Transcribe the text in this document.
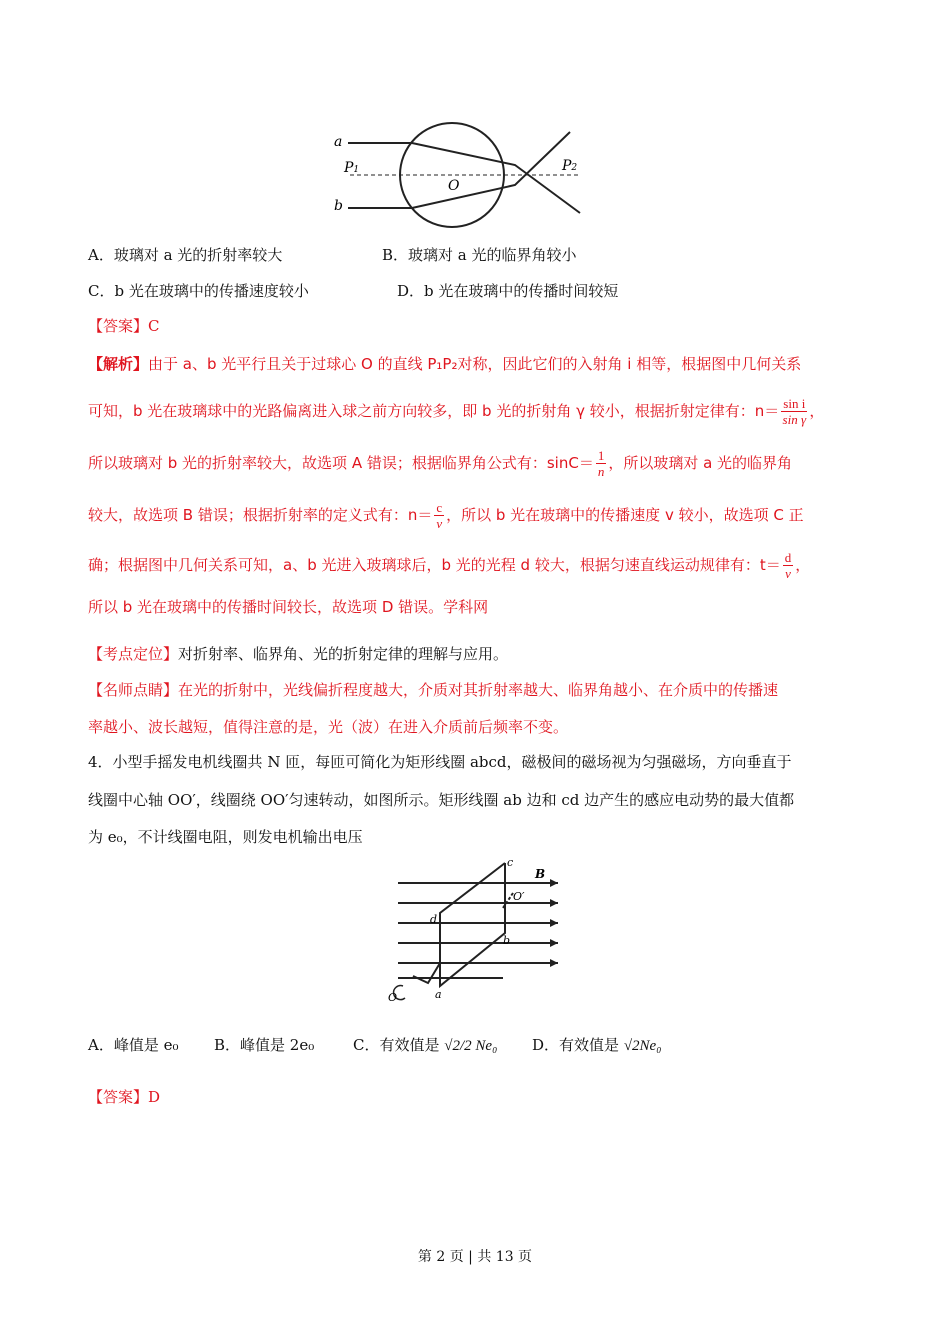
a
b
P1	P2
O
A．玻璃对 a 光的折射率较大	B．玻璃对 a 光的临界角较小
C．b 光在玻璃中的传播速度较小	D．b 光在玻璃中的传播时间较短
【答案】C
【解析】由于 a、b 光平行且关于过球心 O 的直线 P₁P₂对称，因此它们的入射角 i 相等，根据图中几何关系
可知，b 光在玻璃球中的光路偏离进入球之前方向较多，即 b 光的折射角 γ 较小，根据折射定律有：$n= \frac{\text{sin i}}{\text{sin γ}}$ ，
所以玻璃对 b 光的折射率较大，故选项 A 错误；根据临界角公式有：$\sin C= \frac{1}{n}$ ，所以玻璃对 a 光的临界角
较大，故选项 B 错误；根据折射率的定义式有：$n= \frac{c}{v}$ ，所以 b 光在玻璃中的传播速度 v 较小，故选项 C 正
确；根据图中几何关系可知，a、b 光进入玻璃球后，b 光的光程 d 较大，根据匀速直线运动规律有：$t= \frac{d}{v}$ ，
所以 b 光在玻璃中的传播时间较长，故选项 D 错误。学科网
【考点定位】对折射率、临界角、光的折射定律的理解与应用。
【名师点睛】在光的折射中，光线偏折程度越大，介质对其折射率越大、临界角越小、在介质中的传播速
率越小、波长越短，值得注意的是，光（波）在进入介质前后频率不变。
4．小型手摇发电机线圈共 N 匝，每匝可简化为矩形线圈 abcd，磁极间的磁场视为匀强磁场，方向垂直于
线圈中心轴 OO′，线圈绕 OO′匀速转动，如图所示。矩形线圈 ab 边和 cd 边产生的感应电动势的最大值都
为 e₀，不计线圈电阻，则发电机输出电压
c
B
O′
d
b
O	a
A．峰值是 e₀ B．峰值是 2e₀	C．有效值是 √2/2 Ne₀ D．有效值是 √2Ne₀
【答案】D
第 2 页 | 共 13 页
